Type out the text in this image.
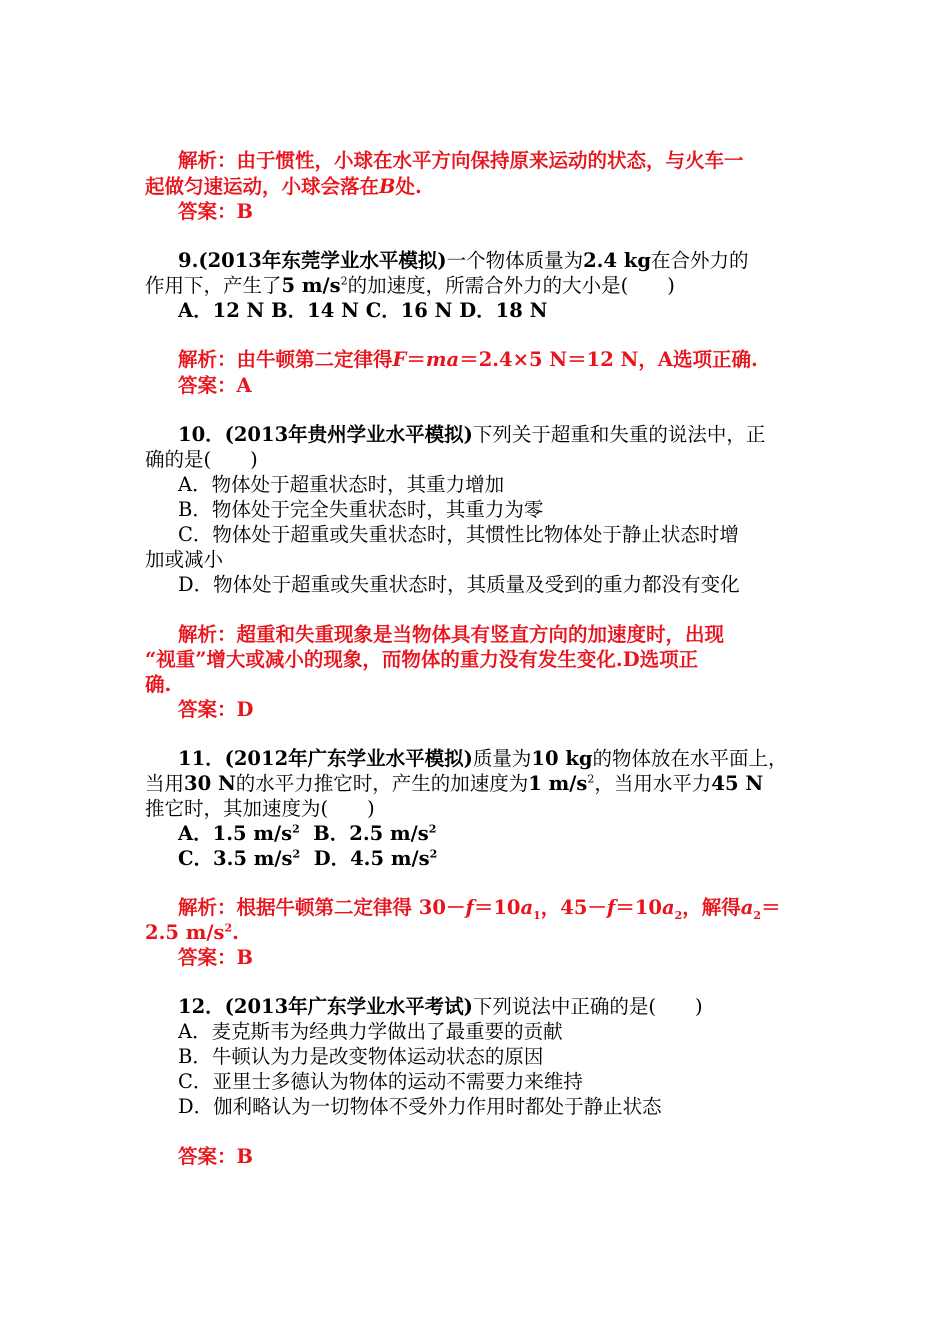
解析：由于惯性，小球在水平方向保持原来运动的状态，与火车一
起做匀速运动，小球会落在B处.
答案：B
9.(2013年东莞学业水平模拟)一个物体质量为2.4 kg在合外力的
作用下，产生了5 $m/s^2$的加速度，所需合外力的大小是(　　)
A．12 N B．14 N C．16 N D．18 N
解析：由牛顿第二定律得F＝ma＝2.4×5 N＝12 N，A选项正确.
答案：A
10．(2013年贵州学业水平模拟)下列关于超重和失重的说法中，正
确的是(　　)
A．物体处于超重状态时，其重力增加
B．物体处于完全失重状态时，其重力为零
C．物体处于超重或失重状态时，其惯性比物体处于静止状态时增
加或减小
D．物体处于超重或失重状态时，其质量及受到的重力都没有变化
解析：超重和失重现象是当物体具有竖直方向的加速度时，出现
“视重”增大或减小的现象，而物体的重力没有发生变化.D选项正
确.
答案：D
11．(2012年广东学业水平模拟)质量为10 kg的物体放在水平面上，
当用30 N的水平力推它时，产生的加速度为1 $m/s^2$，当用水平力45 N
推它时，其加速度为(　　)
A．1.5 $m/s^2$  B．2.5 $m/s^2$
C．3.5 $m/s^2$  D．4.5 $m/s^2$
解析：根据牛顿第二定律得 $30-f=10a_1$，$45-f=10a_2$，解得$a_2=$
2.5 $m/s^2$.
答案：B
12．(2013年广东学业水平考试)下列说法中正确的是(　　)
A．麦克斯韦为经典力学做出了最重要的贡献
B．牛顿认为力是改变物体运动状态的原因
C．亚里士多德认为物体的运动不需要力来维持
D．伽利略认为一切物体不受外力作用时都处于静止状态
答案：B
